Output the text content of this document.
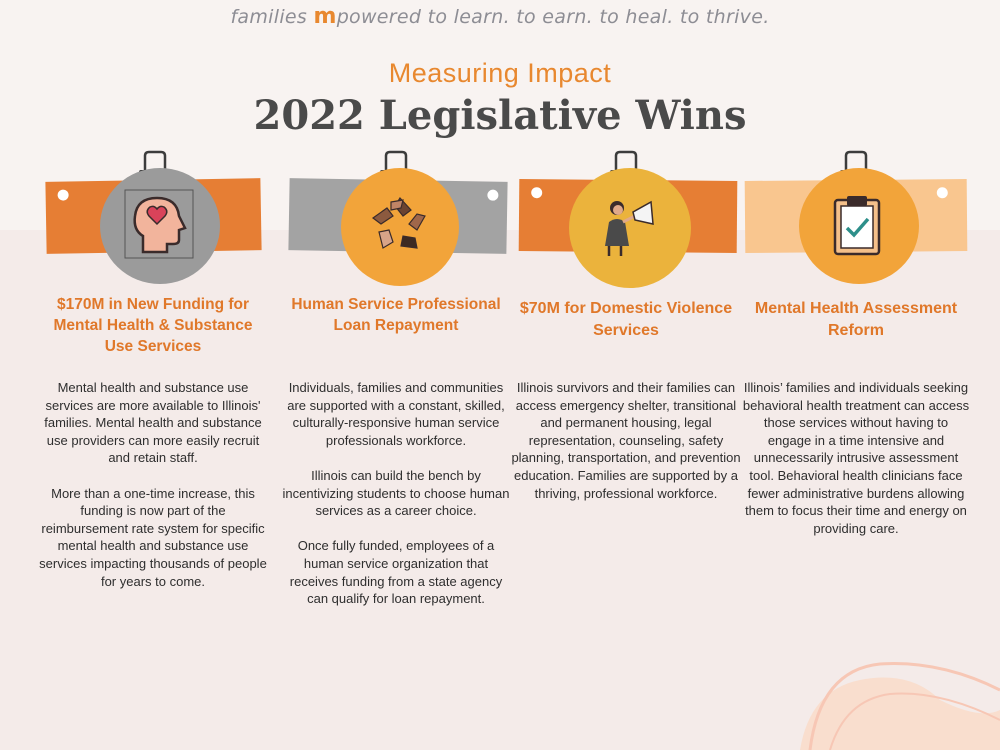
families mpowered to learn. to earn. to heal. to thrive.
Measuring Impact
2022 Legislative Wins
$170M in New Funding for Mental Health & Substance Use Services

Mental health and substance use services are more available to Illinois' families. Mental health and substance use providers can more easily recruit and retain staff.

More than a one-time increase, this funding is now part of the reimbursement rate system for specific mental health and substance use services impacting thousands of people for years to come.

Human Service Professional Loan Repayment

Individuals, families and communities are supported with a constant, skilled, culturally-responsive human service professionals workforce.

Illinois can build the bench by incentivizing students to choose human services as a career choice.

Once fully funded, employees of a human service organization that receives funding from a state agency can qualify for loan repayment.

$70M for Domestic Violence Services

Illinois survivors and their families can access emergency shelter, transitional and permanent housing, legal representation, counseling, safety planning, transportation, and prevention education. Families are supported by a thriving, professional workforce.

Mental Health Assessment Reform

Illinois’ families and individuals seeking behavioral health treatment can access those services without having to engage in a time intensive and unnecessarily intrusive assessment tool. Behavioral health clinicians face fewer administrative burdens allowing them to focus their time and energy on providing care.
